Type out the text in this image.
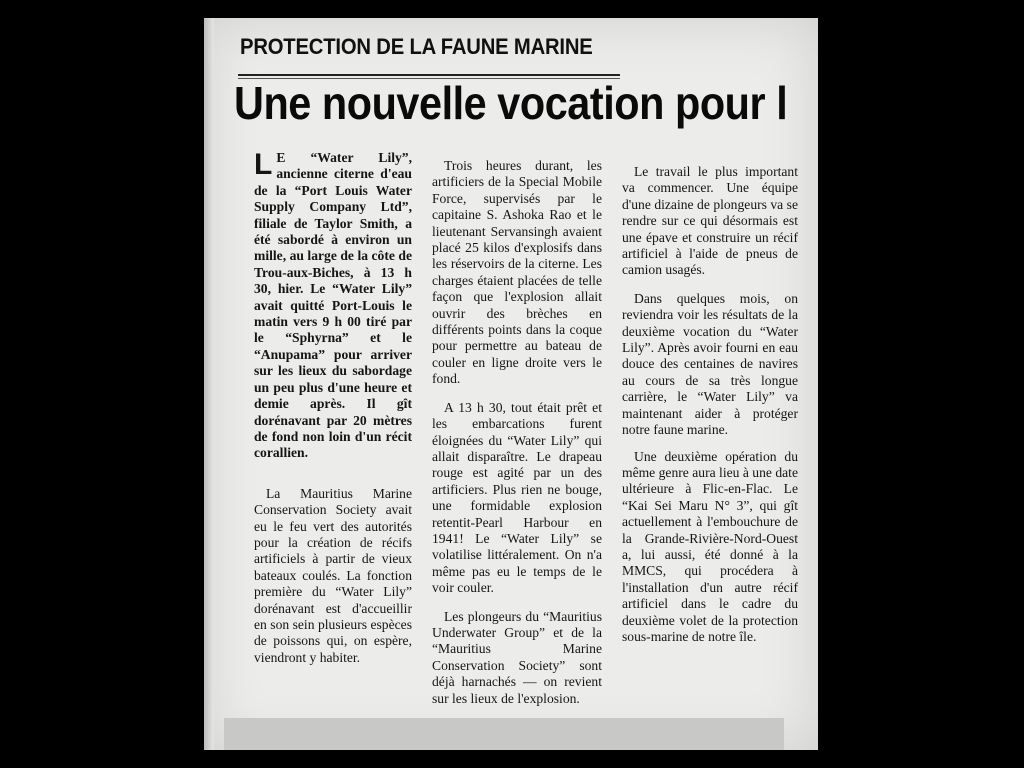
PROTECTION DE LA FAUNE MARINE
Une nouvelle vocation pour l

L E “Water Lily”, ancienne citerne d'eau de la “Port Louis Water Supply Company Ltd”, filiale de Taylor Smith, a été sabordé à environ un mille, au large de la côte de Trou-aux-Biches, à 13 h 30, hier. Le “Water Lily” avait quitté Port-Louis le matin vers 9 h 00 tiré par le “Sphyrna” et le “Anupama” pour arriver sur les lieux du sabordage un peu plus d'une heure et demie après. Il gît dorénavant par 20 mètres de fond non loin d'un récit corallien.

La Mauritius Marine Conservation Society avait eu le feu vert des autorités pour la création de récifs artificiels à partir de vieux bateaux coulés. La fonction première du “Water Lily” dorénavant est d'accueillir en son sein plusieurs espèces de poissons qui, on espère, viendront y habiter.

Trois heures durant, les artificiers de la Special Mobile Force, supervisés par le capitaine S. Ashoka Rao et le lieutenant Servansingh avaient placé 25 kilos d'explosifs dans les réservoirs de la citerne. Les charges étaient placées de telle façon que l'explosion allait ouvrir des brèches en différents points dans la coque pour permettre au bateau de couler en ligne droite vers le fond.

A 13 h 30, tout était prêt et les embarcations furent éloignées du “Water Lily” qui allait disparaître. Le drapeau rouge est agité par un des artificiers. Plus rien ne bouge, une formidable explosion retentit-Pearl Harbour en 1941! Le “Water Lily” se volatilise littéralement. On n'a même pas eu le temps de le voir couler.

Les plongeurs du “Mauritius Underwater Group” et de la “Mauritius Marine Conservation Society” sont déjà harnachés — on revient sur les lieux de l'explosion.

Le travail le plus important va commencer. Une équipe d'une dizaine de plongeurs va se rendre sur ce qui désormais est une épave et construire un récif artificiel à l'aide de pneus de camion usagés.

Dans quelques mois, on reviendra voir les résultats de la deuxième vocation du “Water Lily”. Après avoir fourni en eau douce des centaines de navires au cours de sa très longue carrière, le “Water Lily” va maintenant aider à protéger notre faune marine.

Une deuxième opération du même genre aura lieu à une date ultérieure à Flic-en-Flac. Le “Kai Sei Maru N° 3”, qui gît actuellement à l'embouchure de la Grande-Rivière-Nord-Ouest a, lui aussi, été donné à la MMCS, qui procédera à l'installation d'un autre récif artificiel dans le cadre du deuxième volet de la protection sous-marine de notre île.
